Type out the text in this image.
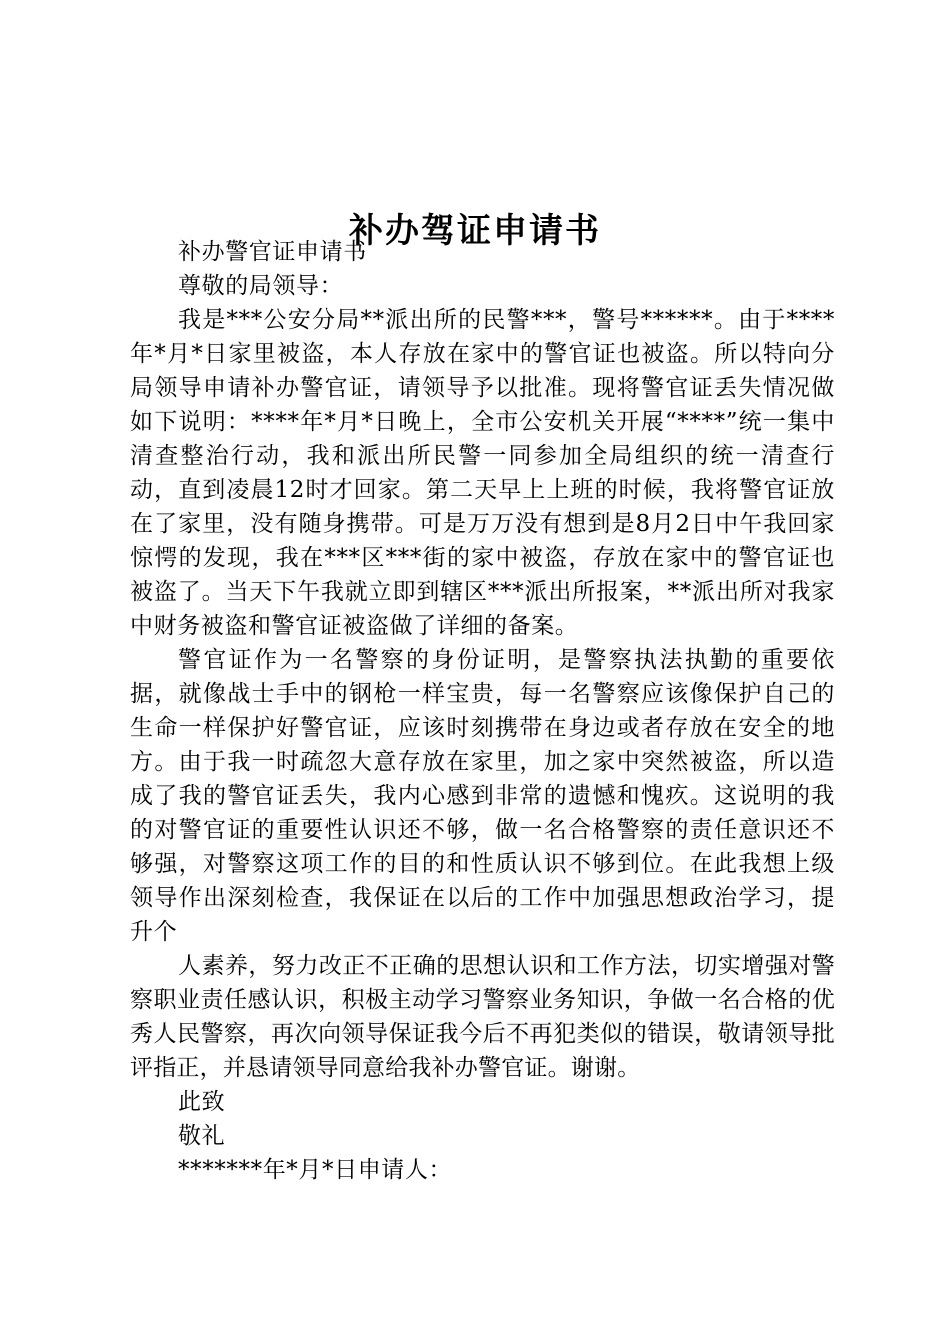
补办驾证申请书

补办警官证申请书

尊敬的局领导：

我是***公安分局**派出所的民警***，警号******。由于****年*月*日家里被盗，本人存放在家中的警官证也被盗。所以特向分局领导申请补办警官证，请领导予以批准。现将警官证丢失情况做如下说明：****年*月*日晚上，全市公安机关开展“****”统一集中清查整治行动，我和派出所民警一同参加全局组织的统一清查行动，直到凌晨12时才回家。第二天早上上班的时候，我将警官证放在了家里，没有随身携带。可是万万没有想到是8月2日中午我回家惊愕的发现，我在***区***街的家中被盗，存放在家中的警官证也被盗了。当天下午我就立即到辖区***派出所报案，**派出所对我家中财务被盗和警官证被盗做了详细的备案。

警官证作为一名警察的身份证明，是警察执法执勤的重要依据，就像战士手中的钢枪一样宝贵，每一名警察应该像保护自己的生命一样保护好警官证，应该时刻携带在身边或者存放在安全的地方。由于我一时疏忽大意存放在家里，加之家中突然被盗，所以造成了我的警官证丢失，我内心感到非常的遗憾和愧疚。这说明的我的对警官证的重要性认识还不够，做一名合格警察的责任意识还不够强，对警察这项工作的目的和性质认识不够到位。在此我想上级领导作出深刻检查，我保证在以后的工作中加强思想政治学习，提升个

人素养，努力改正不正确的思想认识和工作方法，切实增强对警察职业责任感认识，积极主动学习警察业务知识，争做一名合格的优秀人民警察，再次向领导保证我今后不再犯类似的错误，敬请领导批评指正，并恳请领导同意给我补办警官证。谢谢。

此致

敬礼

*******年*月*日申请人：
